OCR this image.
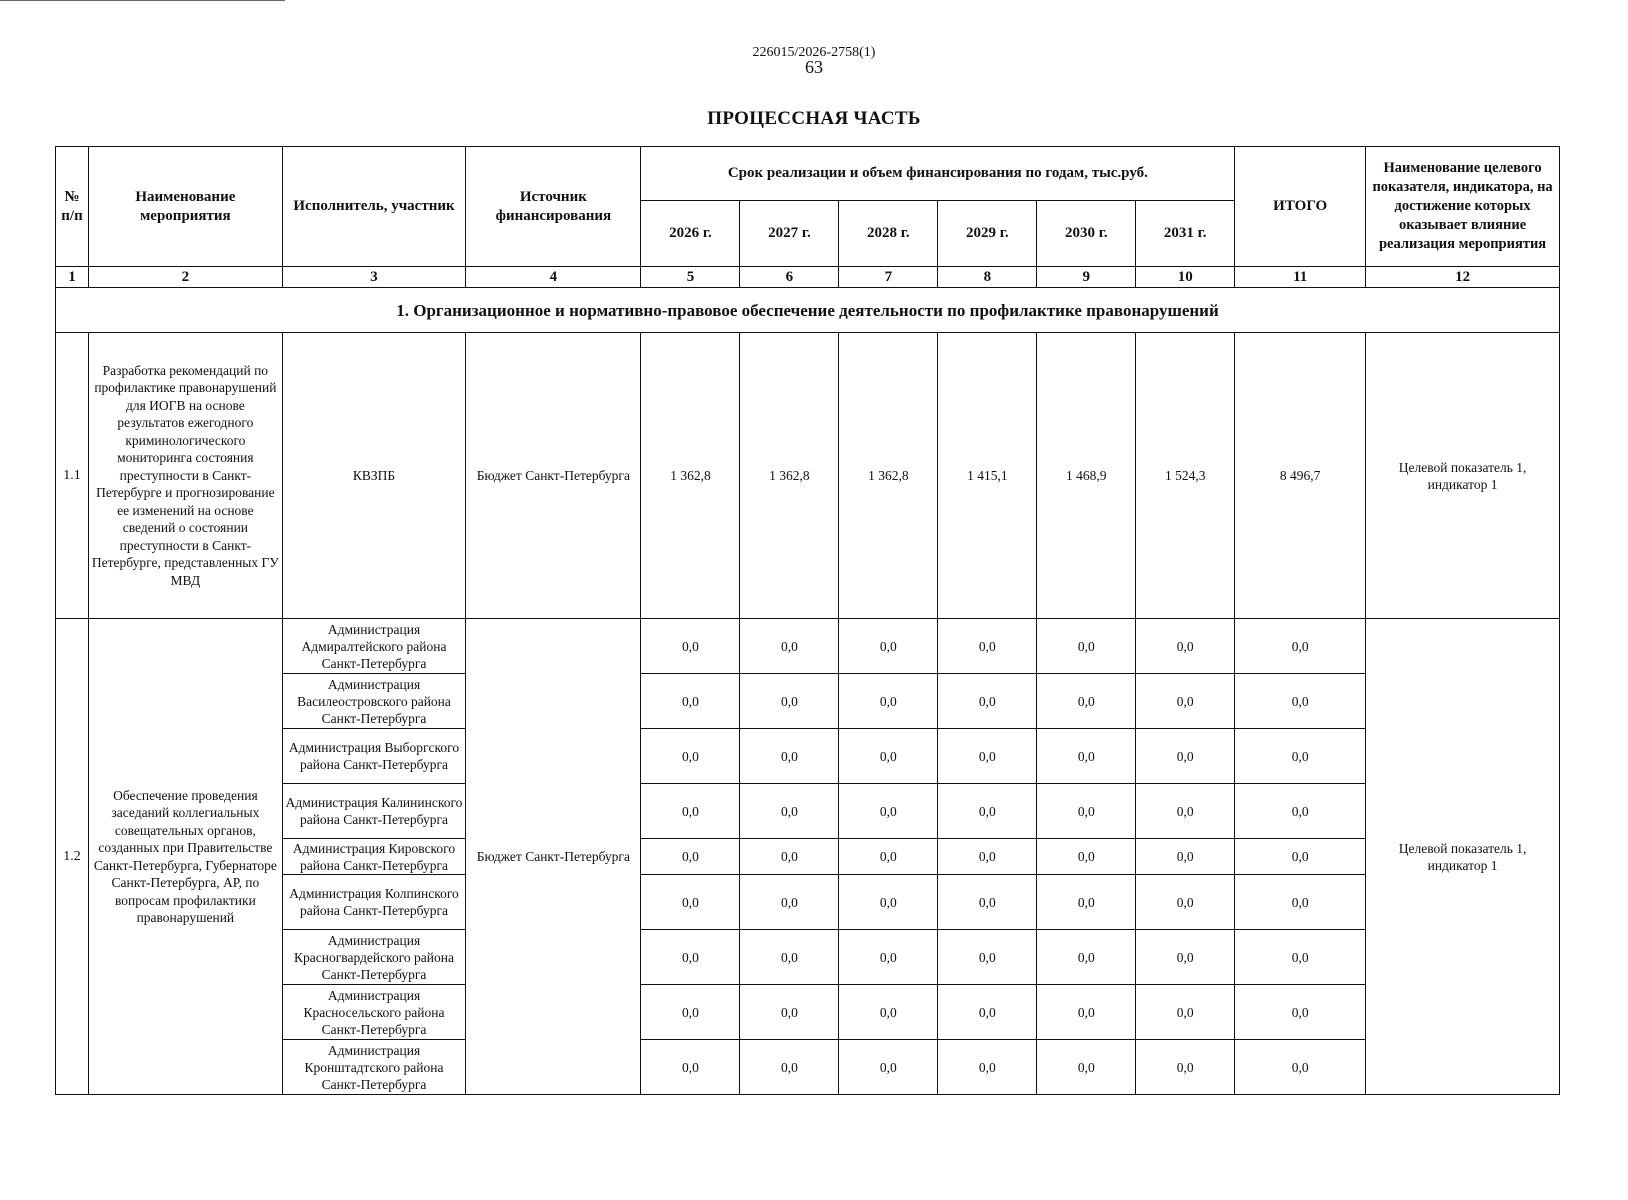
226015/2026-2758(1)
63
ПРОЦЕССНАЯ ЧАСТЬ
№ п/п	Наименование мероприятия	Исполнитель, участник	Источник финансирования	Срок реализации и объем финансирования по годам, тыс.руб.						ИТОГО	Наименование целевого показателя, индикатора, на достижение которых оказывает влияние реализация мероприятия
				2026 г.	2027 г.	2028 г.	2029 г.	2030 г.	2031 г.		
1	2	3	4	5	6	7	8	9	10	11	12
1. Организационное и нормативно-правовое обеспечение деятельности по профилактике правонарушений											
1.1	Разработка рекомендаций по профилактике правонарушений для ИОГВ на основе результатов ежегодного криминологического мониторинга состояния преступности в Санкт-Петербурге и прогнозирование ее изменений на основе сведений о состоянии преступности в Санкт-Петербурге, представленных ГУ МВД	КВЗПБ	Бюджет Санкт-Петербурга	1 362,8	1 362,8	1 362,8	1 415,1	1 468,9	1 524,3	8 496,7	Целевой показатель 1, индикатор 1
1.2	Обеспечение проведения заседаний коллегиальных совещательных органов, созданных при Правительстве Санкт-Петербурга, Губернаторе Санкт-Петербурга, АР, по вопросам профилактики правонарушений	Администрация Адмиралтейского района Санкт-Петербурга	Бюджет Санкт-Петербурга	0,0	0,0	0,0	0,0	0,0	0,0	0,0	Целевой показатель 1, индикатор 1
		Администрация Василеостровского района Санкт-Петербурга		0,0	0,0	0,0	0,0	0,0	0,0	0,0	
		Администрация Выборгского района Санкт-Петербурга		0,0	0,0	0,0	0,0	0,0	0,0	0,0	
		Администрация Калининского района Санкт-Петербурга		0,0	0,0	0,0	0,0	0,0	0,0	0,0	
		Администрация Кировского района Санкт-Петербурга		0,0	0,0	0,0	0,0	0,0	0,0	0,0	
		Администрация Колпинского района Санкт-Петербурга		0,0	0,0	0,0	0,0	0,0	0,0	0,0	
		Администрация Красногвардейского района Санкт-Петербурга		0,0	0,0	0,0	0,0	0,0	0,0	0,0	
		Администрация Красносельского района Санкт-Петербурга		0,0	0,0	0,0	0,0	0,0	0,0	0,0	
		Администрация Кронштадтского района Санкт-Петербурга		0,0	0,0	0,0	0,0	0,0	0,0	0,0	
